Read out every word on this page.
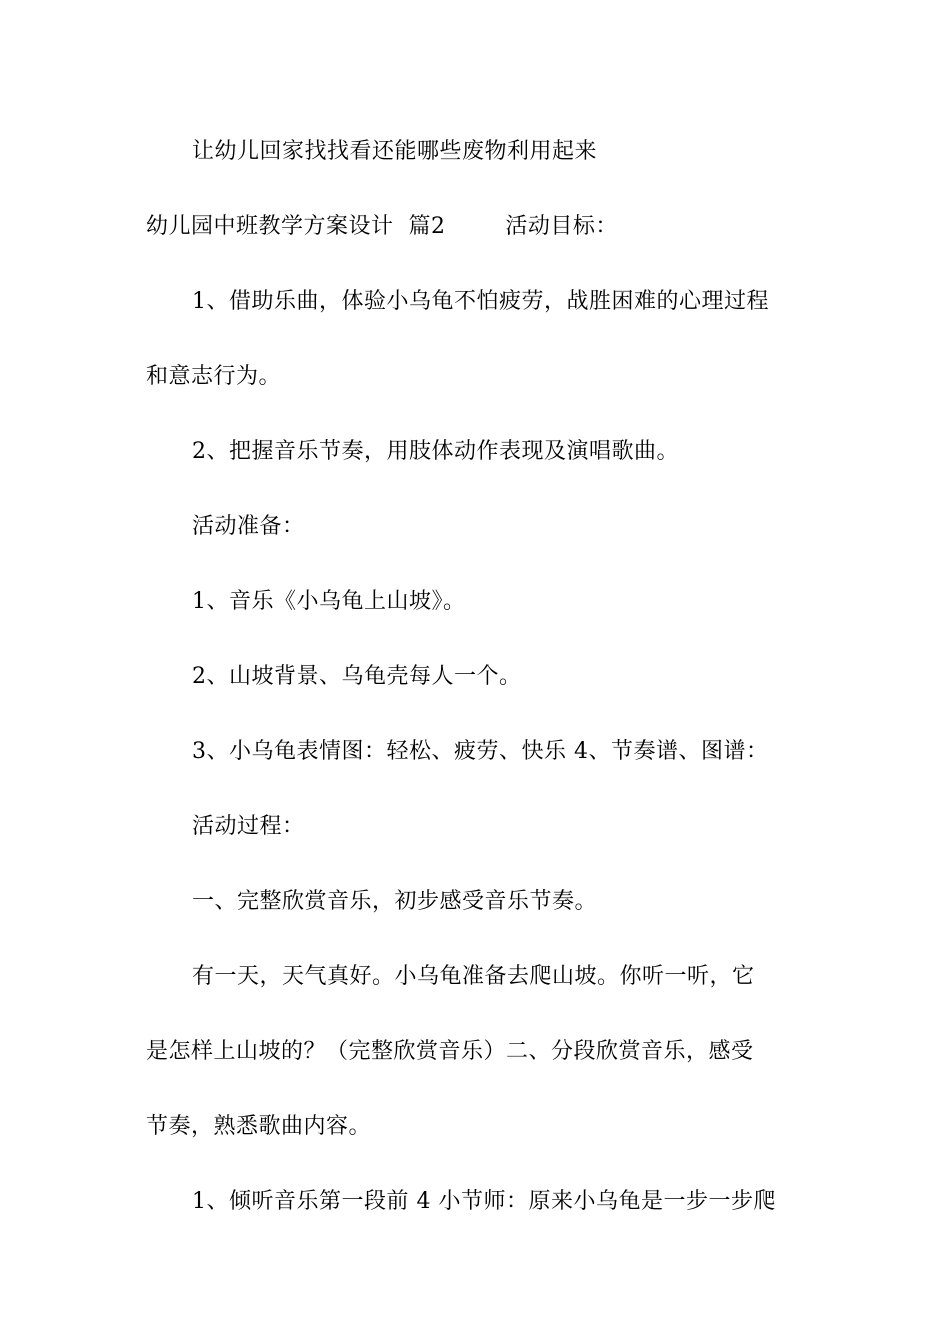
让幼儿回家找找看还能哪些废物利用起来
幼儿园中班教学方案设计  篇2        活动目标：
1、借助乐曲，体验小乌龟不怕疲劳，战胜困难的心理过程
和意志行为。
2、把握音乐节奏，用肢体动作表现及演唱歌曲。
活动准备：
1、音乐《小乌龟上山坡》。
2、山坡背景、乌龟壳每人一个。
3、小乌龟表情图：轻松、疲劳、快乐 4、节奏谱、图谱：
活动过程：
一、完整欣赏音乐，初步感受音乐节奏。
有一天，天气真好。小乌龟准备去爬山坡。你听一听，它
是怎样上山坡的？（完整欣赏音乐）二、分段欣赏音乐，感受
节奏，熟悉歌曲内容。
1、倾听音乐第一段前 4 小节师：原来小乌龟是一步一步爬
